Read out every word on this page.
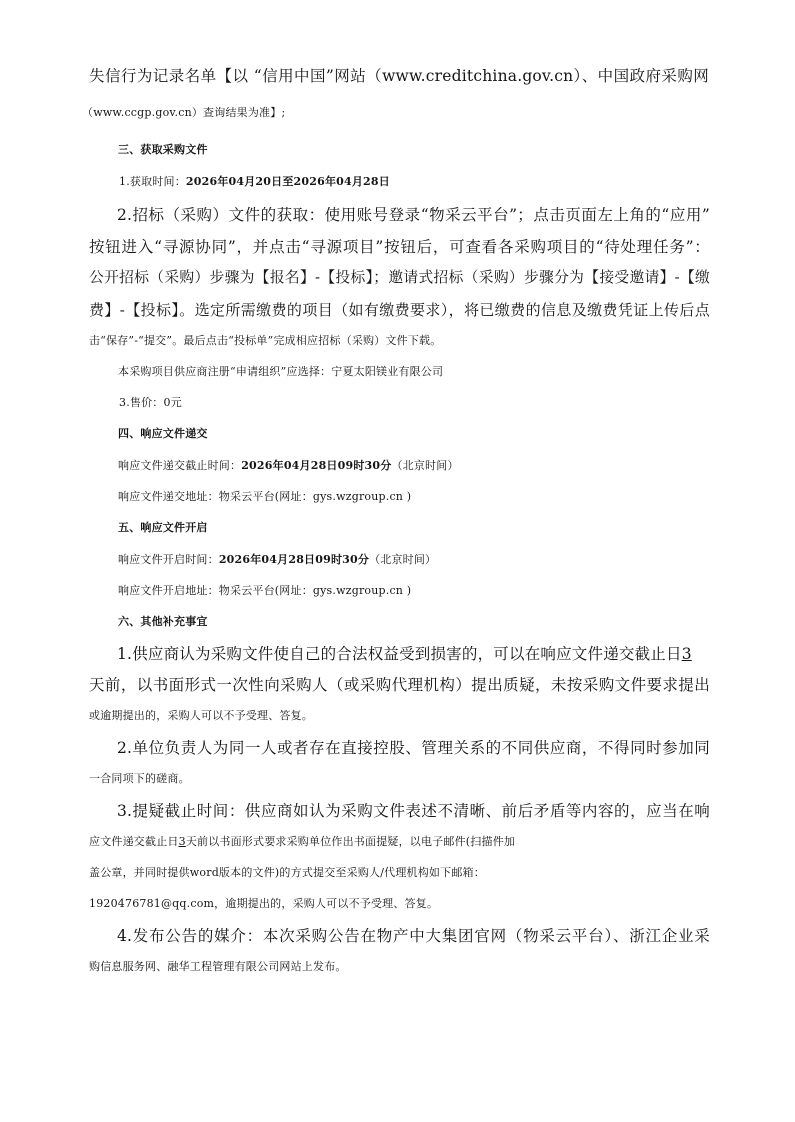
失信行为记录名单【以 “信用中国”网站（www.creditchina.gov.cn）、中国政府采购网
（www.ccgp.gov.cn）查询结果为准】;
三、获取采购文件
1.获取时间：2026年04月20日至2026年04月28日
2.招标（采购）文件的获取：使用账号登录“物采云平台”；点击页面左上角的“应用”
按钮进入“寻源协同”，并点击“寻源项目”按钮后，可查看各采购项目的“待处理任务”：
公开招标（采购）步骤为【报名】-【投标】；邀请式招标（采购）步骤分为【接受邀请】-【缴
费】-【投标】。选定所需缴费的项目（如有缴费要求），将已缴费的信息及缴费凭证上传后点
击“保存”-“提交”。最后点击“投标单”完成相应招标（采购）文件下载。
本采购项目供应商注册“申请组织”应选择：宁夏太阳镁业有限公司
3.售价：0元
四、响应文件递交
响应文件递交截止时间：2026年04月28日09时30分（北京时间）
响应文件递交地址：物采云平台(网址：gys.wzgroup.cn )
五、响应文件开启
响应文件开启时间：2026年04月28日09时30分（北京时间）
响应文件开启地址：物采云平台(网址：gys.wzgroup.cn )
六、其他补充事宜
1.供应商认为采购文件使自己的合法权益受到损害的，可以在响应文件递交截止日3
天前，以书面形式一次性向采购人（或采购代理机构）提出质疑，未按采购文件要求提出
或逾期提出的，采购人可以不予受理、答复。
2.单位负责人为同一人或者存在直接控股、管理关系的不同供应商，不得同时参加同
一合同项下的磋商。
3.提疑截止时间：供应商如认为采购文件表述不清晰、前后矛盾等内容的，应当在响
应文件递交截止日3天前以书面形式要求采购单位作出书面提疑，以电子邮件(扫描件加
盖公章，并同时提供word版本的文件)的方式提交至采购人/代理机构如下邮箱：
1920476781@qq.com，逾期提出的，采购人可以不予受理、答复。
4.发布公告的媒介：本次采购公告在物产中大集团官网（物采云平台）、浙江企业采
购信息服务网、融华工程管理有限公司网站上发布。
